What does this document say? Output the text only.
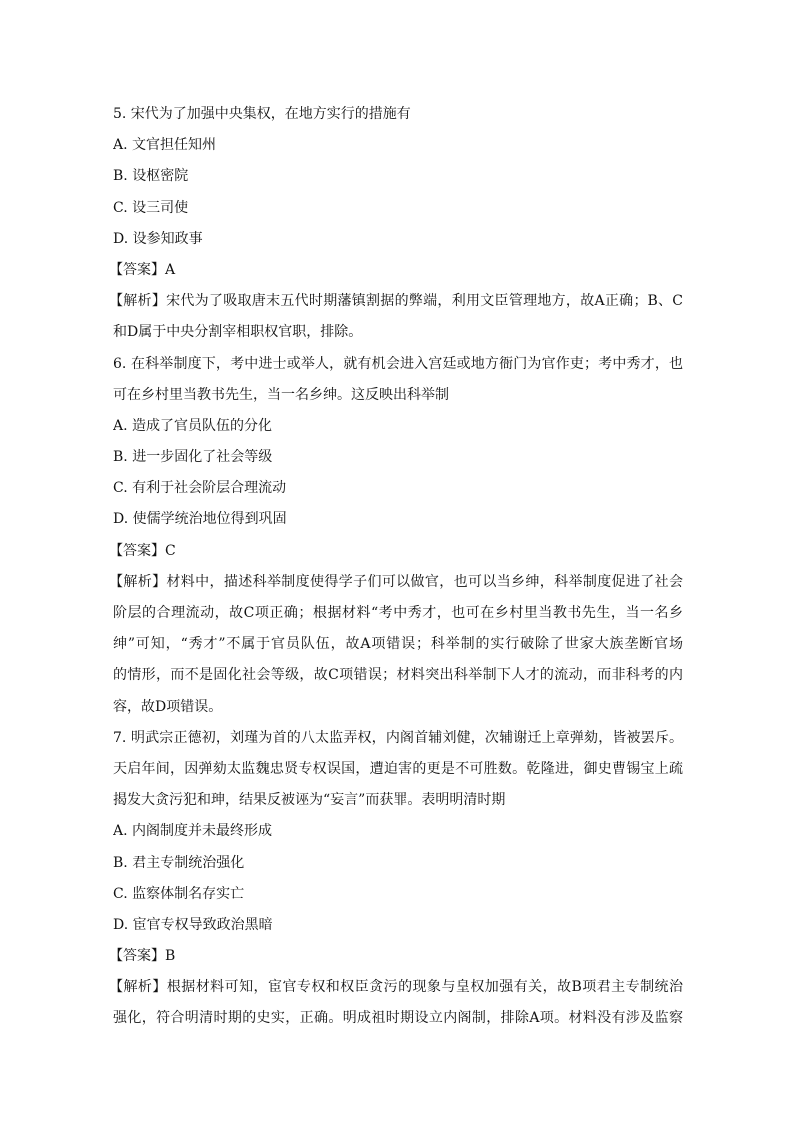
5. 宋代为了加强中央集权，在地方实行的措施有
A. 文官担任知州
B. 设枢密院
C. 设三司使
D. 设参知政事
【答案】A
【解析】宋代为了吸取唐末五代时期藩镇割据的弊端，利用文臣管理地方，故A正确；B、C
和D属于中央分割宰相职权官职，排除。
6. 在科举制度下，考中进士或举人，就有机会进入宫廷或地方衙门为官作吏；考中秀才，也
可在乡村里当教书先生，当一名乡绅。这反映出科举制
A. 造成了官员队伍的分化
B. 进一步固化了社会等级
C. 有利于社会阶层合理流动
D. 使儒学统治地位得到巩固
【答案】C
【解析】材料中，描述科举制度使得学子们可以做官，也可以当乡绅，科举制度促进了社会
阶层的合理流动，故C项正确；根据材料“考中秀才，也可在乡村里当教书先生，当一名乡
绅”可知，“秀才”不属于官员队伍，故A项错误；科举制的实行破除了世家大族垄断官场
的情形，而不是固化社会等级，故C项错误；材料突出科举制下人才的流动，而非科考的内
容，故D项错误。
7. 明武宗正德初，刘瑾为首的八太监弄权，内阁首辅刘健，次辅谢迁上章弹劾，皆被罢斥。
天启年间，因弹劾太监魏忠贤专权误国，遭迫害的更是不可胜数。乾隆进，御史曹锡宝上疏
揭发大贪污犯和珅，结果反被诬为“妄言”而获罪。表明明清时期
A. 内阁制度并未最终形成
B. 君主专制统治强化
C. 监察体制名存实亡
D. 宦官专权导致政治黑暗
【答案】B
【解析】根据材料可知，宦官专权和权臣贪污的现象与皇权加强有关，故B项君主专制统治
强化，符合明清时期的史实，正确。明成祖时期设立内阁制，排除A项。材料没有涉及监察
